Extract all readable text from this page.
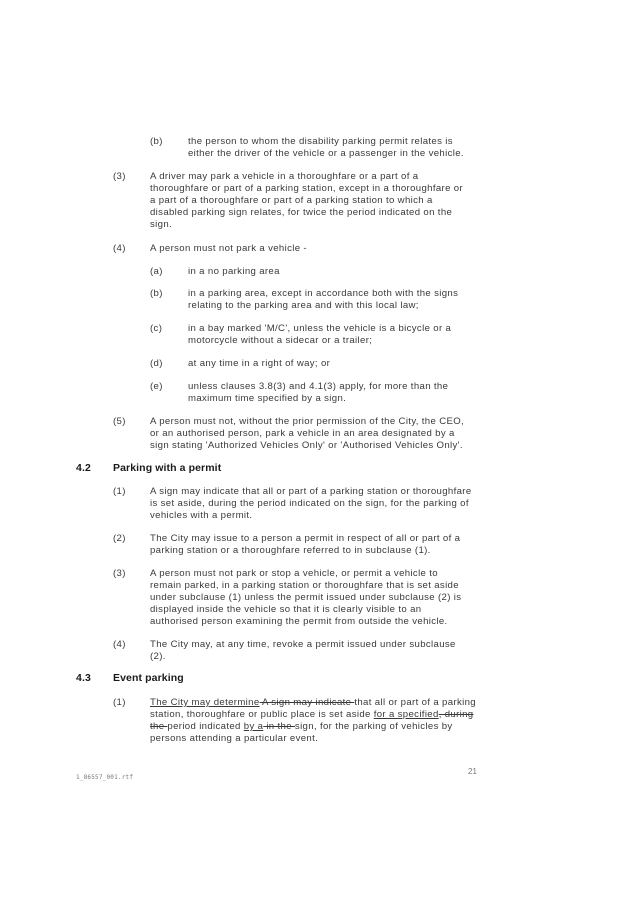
(b)	the person to whom the disability parking permit relates is either the driver of the vehicle or a passenger in the vehicle.
(3)	A driver may park a vehicle in a thoroughfare or a part of a thoroughfare or part of a parking station, except in a thoroughfare or a part of a thoroughfare or part of a parking station to which a disabled parking sign relates, for twice the period indicated on the sign.
(4)	A person must not park a vehicle -
(a)	in a no parking area
(b)	in a parking area, except in accordance both with the signs relating to the parking area and with this local law;
(c)	in a bay marked 'M/C', unless the vehicle is a bicycle or a motorcycle without a sidecar or a trailer;
(d)	at any time in a right of way; or
(e)	unless clauses 3.8(3) and 4.1(3) apply, for more than the maximum time specified by a sign.
(5)	A person must not, without the prior permission of the City, the CEO, or an authorised person, park a vehicle in an area designated by a sign stating 'Authorized Vehicles Only' or 'Authorised Vehicles Only'.
4.2 Parking with a permit
(1)	A sign may indicate that all or part of a parking station or thoroughfare is set aside, during the period indicated on the sign, for the parking of vehicles with a permit.
(2)	The City may issue to a person a permit in respect of all or part of a parking station or a thoroughfare referred to in subclause (1).
(3)	A person must not park or stop a vehicle, or permit a vehicle to remain parked, in a parking station or thoroughfare that is set aside under subclause (1) unless the permit issued under subclause (2) is displayed inside the vehicle so that it is clearly visible to an authorised person examining the permit from outside the vehicle.
(4)	The City may, at any time, revoke a permit issued under subclause (2).
4.3 Event parking
(1)	The City may determine A sign may indicate that all or part of a parking station, thoroughfare or public place is set aside for a specified, during the period indicated by a in the sign, for the parking of vehicles by persons attending a particular event.
1_86557_001.rtf
21
